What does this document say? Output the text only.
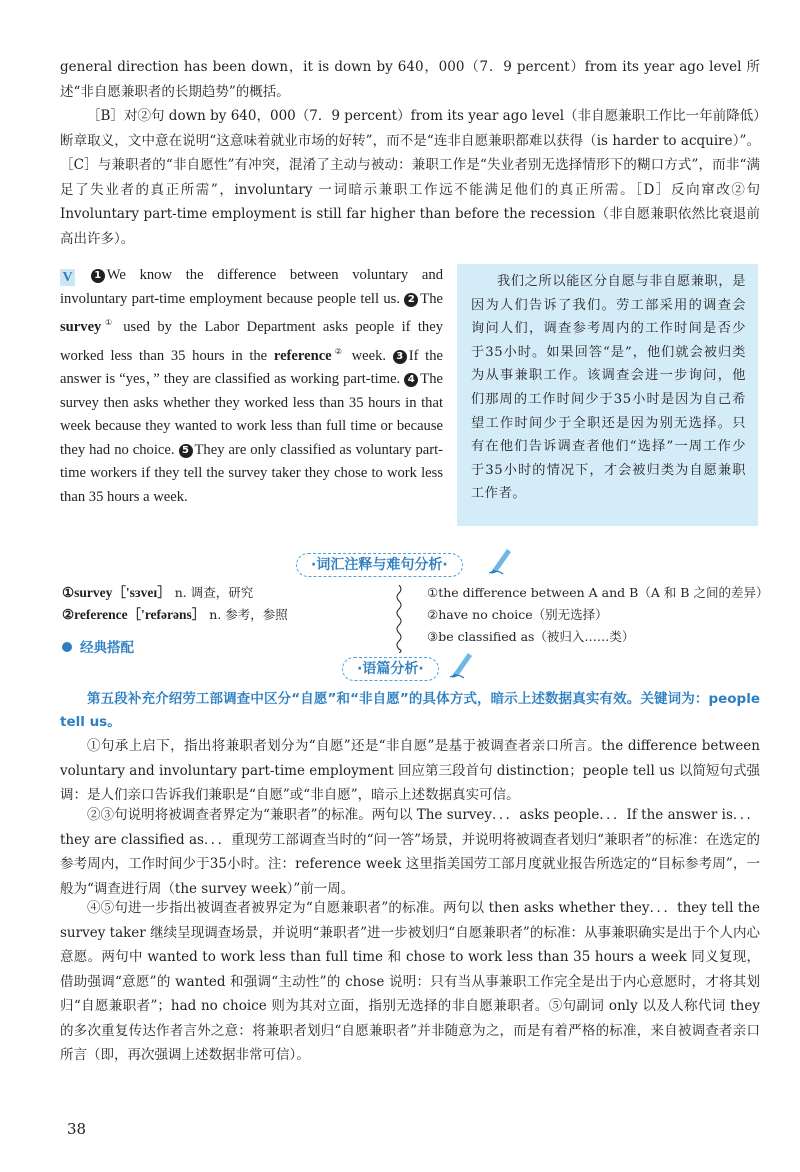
general direction has been down，it is down by 640，000（7．9 percent）from its year ago level 所述“非自愿兼职者的长期趋势”的概括。

［B］对②句 down by 640，000（7．9 percent）from its year ago level（非自愿兼职工作比一年前降低）断章取义，文中意在说明“这意味着就业市场的好转”，而不是“连非自愿兼职都难以获得（is harder to acquire）”。［C］与兼职者的“非自愿性”有冲突，混淆了主动与被动：兼职工作是“失业者别无选择情形下的糊口方式”，而非“满足了失业者的真正所需”，involuntary 一词暗示兼职工作远不能满足他们的真正所需。［D］反向窜改②句 Involuntary part-time employment is still far higher than before the recession（非自愿兼职依然比衰退前高出许多）。

V 1 We know the difference between voluntary and involuntary part-time employment because people tell us. 2 The survey① used by the Labor Department asks people if they worked less than 35 hours in the reference② week. 3 If the answer is “yes，” they are classified as working part-time. 4 The survey then asks whether they worked less than 35 hours in that week because they wanted to work less than full time or because they had no choice. 5 They are only classified as voluntary part-time workers if they tell the survey taker they chose to work less than 35 hours a week.

我们之所以能区分自愿与非自愿兼职，是因为人们告诉了我们。劳工部采用的调查会询问人们，调查参考周内的工作时间是否少于35小时。如果回答“是”，他们就会被归类为从事兼职工作。该调查会进一步询问，他们那周的工作时间少于35小时是因为自己希望工作时间少于全职还是因为别无选择。只有在他们告诉调查者他们“选择”一周工作少于35小时的情况下，才会被归类为自愿兼职工作者。

·词汇注释与难句分析·

①survey［'sɜveɪ］ n. 调查，研究

②reference［'refərəns］ n. 参考，参照

经典搭配

①the difference between A and B（A 和 B 之间的差异）

②have no choice（别无选择）

③be classified as（被归入……类）

·语篇分析·

第五段补充介绍劳工部调查中区分“自愿”和“非自愿”的具体方式，暗示上述数据真实有效。关键词为：people tell us。

①句承上启下，指出将兼职者划分为“自愿”还是“非自愿”是基于被调查者亲口所言。the difference between voluntary and involuntary part-time employment 回应第三段首句 distinction；people tell us 以简短句式强调：是人们亲口告诉我们兼职是“自愿”或“非自愿”，暗示上述数据真实可信。

②③句说明将被调查者界定为“兼职者”的标准。两句以 The survey．．．asks people．．．If the answer is．．．they are classified as．．．重现劳工部调查当时的“问一答”场景，并说明将被调查者划归“兼职者”的标准：在选定的参考周内，工作时间少于35小时。注：reference week 这里指美国劳工部月度就业报告所选定的“目标参考周”，一般为“调查进行周（the survey week）”前一周。

④⑤句进一步指出被调查者被界定为“自愿兼职者”的标准。两句以 then asks whether they．．．they tell the survey taker 继续呈现调查场景，并说明“兼职者”进一步被划归“自愿兼职者”的标准：从事兼职确实是出于个人内心意愿。两句中 wanted to work less than full time 和 chose to work less than 35 hours a week 同义复现，借助强调“意愿”的 wanted 和强调“主动性”的 chose 说明：只有当从事兼职工作完全是出于内心意愿时，才将其划归“自愿兼职者”；had no choice 则为其对立面，指别无选择的非自愿兼职者。⑤句副词 only 以及人称代词 they 的多次重复传达作者言外之意：将兼职者划归“自愿兼职者”并非随意为之，而是有着严格的标准，来自被调查者亲口所言（即，再次强调上述数据非常可信）。

38
